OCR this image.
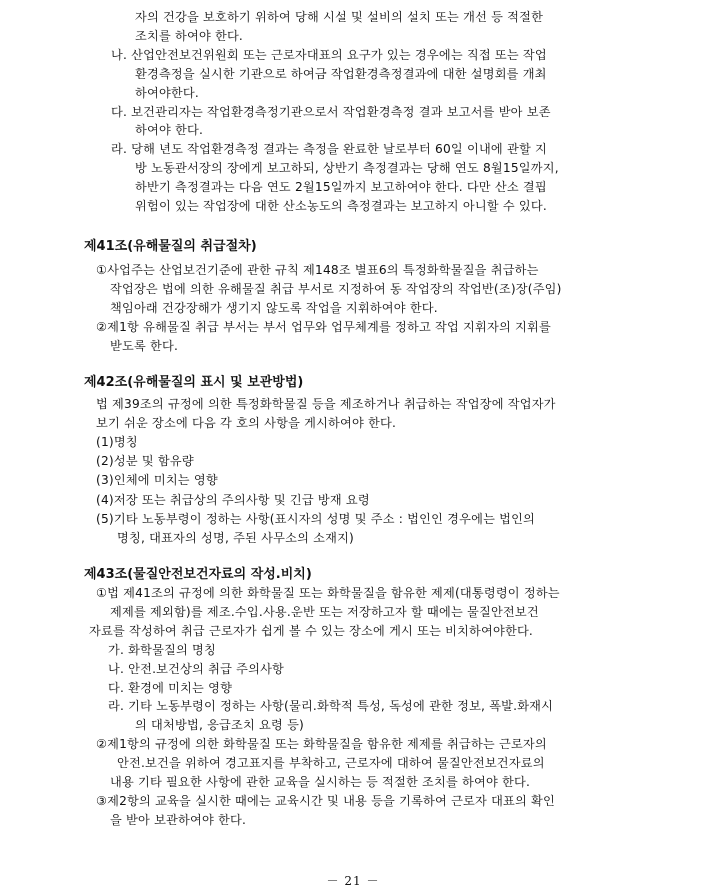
자의 건강을 보호하기 위하여 당해 시설 및 설비의 설치 또는 개선 등 적절한
조치를 하여야 한다.
나. 산업안전보건위원회 또는 근로자대표의 요구가 있는 경우에는 직접 또는 작업
환경측정을 실시한 기관으로 하여금 작업환경측정결과에 대한 설명회를 개최
하여야한다.
다. 보건관리자는 작업환경측정기관으로서 작업환경측정 결과 보고서를 받아 보존
하여야 한다.
라. 당해 년도 작업환경측정 결과는 측정을 완료한 날로부터 60일 이내에 관할 지
방 노동관서장의 장에게 보고하되, 상반기 측정결과는 당해 연도 8월15일까지,
하반기 측정결과는 다음 연도 2월15일까지 보고하여야 한다. 다만 산소 결핍
위험이 있는 작업장에 대한 산소농도의 측정결과는 보고하지 아니할 수 있다.
제41조(유해물질의 취급절차)
①사업주는 산업보건기준에 관한 규칙 제148조 별표6의 특정화학물질을 취급하는
작업장은 법에 의한 유해물질 취급 부서로 지정하여 동 작업장의 작업반(조)장(주임)
책임아래 건강장해가 생기지 않도록 작업을 지휘하여야 한다.
②제1항 유해물질 취급 부서는 부서 업무와 업무체계를 정하고 작업 지휘자의 지휘를
받도록 한다.
제42조(유해물질의 표시 및 보관방법)
법 제39조의 규정에 의한 특정화학물질 등을 제조하거나 취급하는 작업장에 작업자가
보기 쉬운 장소에 다음 각 호의 사항을 게시하여야 한다.
(1)명칭
(2)성분 및 함유량
(3)인체에 미치는 영향
(4)저장 또는 취급상의 주의사항 및 긴급 방재 요령
(5)기타 노동부령이 정하는 사항(표시자의 성명 및 주소 : 법인인 경우에는 법인의
명칭, 대표자의 성명, 주된 사무소의 소재지)
제43조(물질안전보건자료의 작성.비치)
①법 제41조의 규정에 의한 화학물질 또는 화학물질을 함유한 제제(대통령령이 정하는
제제를 제외함)를 제조.수입.사용.운반 또는 저장하고자 할 때에는 물질안전보건
자료를 작성하여 취급 근로자가 쉽게 볼 수 있는 장소에 게시 또는 비치하여야한다.
가. 화학물질의 명칭
나. 안전.보건상의 취급 주의사항
다. 환경에 미치는 영향
라. 기타 노동부령이 정하는 사항(물리.화학적 특성, 독성에 관한 정보, 폭발.화재시
의 대처방법, 응급조치 요령 등)
②제1항의 규정에 의한 화학물질 또는 화학물질을 함유한 제제를 취급하는 근로자의
안전.보건을 위하여 경고표지를 부착하고, 근로자에 대하여 물질안전보건자료의
내용 기타 필요한 사항에 관한 교육을 실시하는 등 적절한 조치를 하여야 한다.
③제2항의 교육을 실시한 때에는 교육시간 및 내용 등을 기록하여 근로자 대표의 확인
을 받아 보관하여야 한다.
－ 21 －
